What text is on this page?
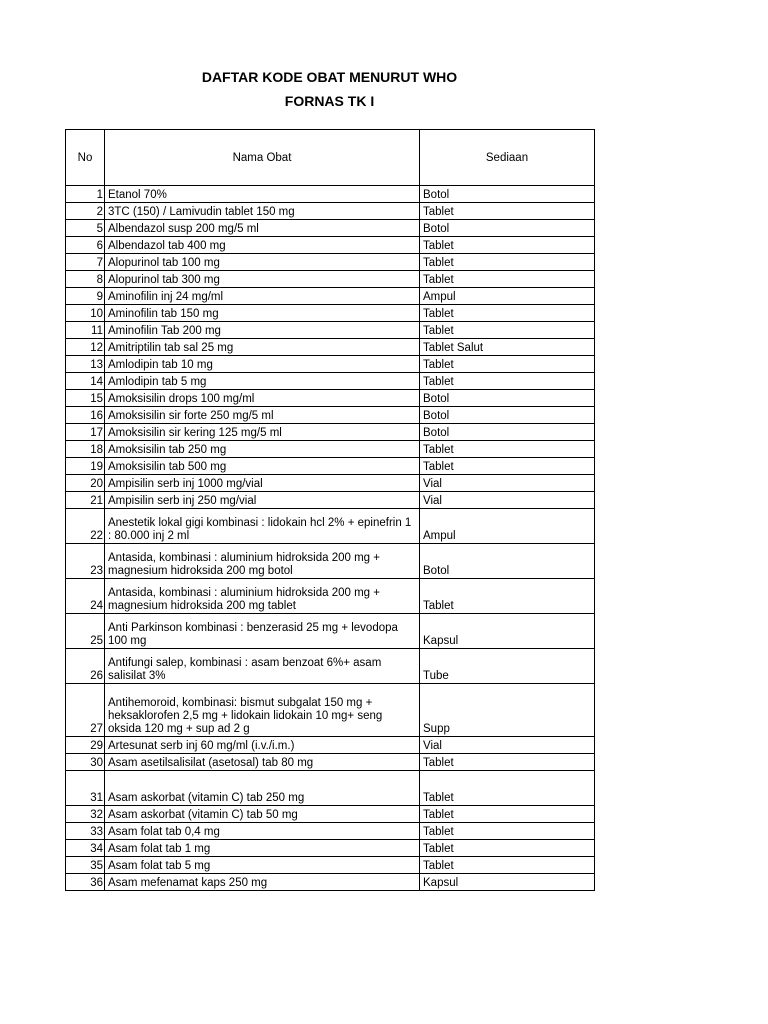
DAFTAR KODE OBAT MENURUT WHO
FORNAS TK I
No	Nama Obat	Sediaan
1	Etanol 70%	Botol
2	3TC (150) / Lamivudin tablet 150 mg	Tablet
5	Albendazol susp 200 mg/5 ml	Botol
6	Albendazol tab 400 mg	Tablet
7	Alopurinol tab 100 mg	Tablet
8	Alopurinol tab 300 mg	Tablet
9	Aminofilin inj 24 mg/ml	Ampul
10	Aminofilin tab 150 mg	Tablet
11	Aminofilin Tab 200 mg	Tablet
12	Amitriptilin tab sal 25 mg	Tablet Salut
13	Amlodipin tab 10 mg	Tablet
14	Amlodipin tab 5 mg	Tablet
15	Amoksisilin drops 100 mg/ml	Botol
16	Amoksisilin sir forte 250 mg/5 ml	Botol
17	Amoksisilin sir kering 125 mg/5 ml	Botol
18	Amoksisilin tab 250 mg	Tablet
19	Amoksisilin tab 500 mg	Tablet
20	Ampisilin serb inj 1000 mg/vial	Vial
21	Ampisilin serb inj 250 mg/vial	Vial
22	Anestetik lokal gigi kombinasi : lidokain hcl 2% + epinefrin 1 : 80.000 inj 2 ml	Ampul
23	Antasida, kombinasi : aluminium hidroksida 200 mg + magnesium hidroksida 200 mg botol	Botol
24	Antasida, kombinasi : aluminium hidroksida 200 mg + magnesium hidroksida 200 mg tablet	Tablet
25	Anti Parkinson kombinasi : benzerasid 25 mg + levodopa 100 mg	Kapsul
26	Antifungi salep, kombinasi : asam benzoat 6%+ asam salisilat 3%	Tube
27	Antihemoroid, kombinasi: bismut subgalat 150 mg + heksaklorofen 2,5 mg + lidokain lidokain 10 mg+ seng oksida 120 mg + sup ad 2 g	Supp
29	Artesunat serb inj 60 mg/ml (i.v./i.m.)	Vial
30	Asam asetilsalisilat (asetosal) tab 80 mg	Tablet
31	Asam askorbat (vitamin C) tab 250 mg	Tablet
32	Asam askorbat (vitamin C) tab 50 mg	Tablet
33	Asam folat tab 0,4 mg	Tablet
34	Asam folat tab 1 mg	Tablet
35	Asam folat tab 5 mg	Tablet
36	Asam mefenamat kaps 250 mg	Kapsul
